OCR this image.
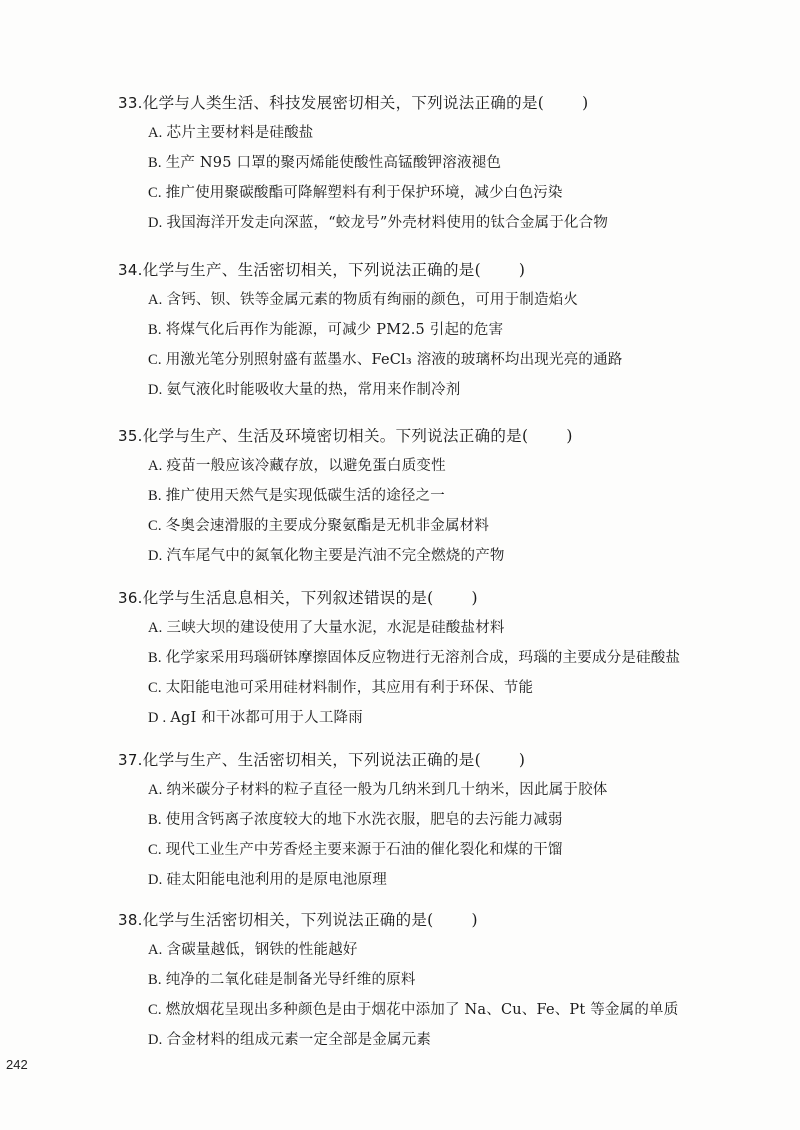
33.化学与人类生活、科技发展密切相关，下列说法正确的是( )
A. 芯片主要材料是硅酸盐
B. 生产 N95 口罩的聚丙烯能使酸性高锰酸钾溶液褪色
C. 推广使用聚碳酸酯可降解塑料有利于保护环境，减少白色污染
D. 我国海洋开发走向深蓝，“蛟龙号”外壳材料使用的钛合金属于化合物
34.化学与生产、生活密切相关，下列说法正确的是( )
A. 含钙、钡、铁等金属元素的物质有绚丽的颜色，可用于制造焰火
B. 将煤气化后再作为能源，可减少 PM2.5 引起的危害
C. 用激光笔分别照射盛有蓝墨水、FeCl₃ 溶液的玻璃杯均出现光亮的通路
D. 氨气液化时能吸收大量的热，常用来作制冷剂
35.化学与生产、生活及环境密切相关。下列说法正确的是( )
A. 疫苗一般应该冷藏存放，以避免蛋白质变性
B. 推广使用天然气是实现低碳生活的途径之一
C. 冬奥会速滑服的主要成分聚氨酯是无机非金属材料
D. 汽车尾气中的氮氧化物主要是汽油不完全燃烧的产物
36.化学与生活息息相关，下列叙述错误的是( )
A. 三峡大坝的建设使用了大量水泥，水泥是硅酸盐材料
B. 化学家采用玛瑙研钵摩擦固体反应物进行无溶剂合成，玛瑙的主要成分是硅酸盐
C. 太阳能电池可采用硅材料制作，其应用有利于环保、节能
D . AgI 和干冰都可用于人工降雨
37.化学与生产、生活密切相关，下列说法正确的是( )
A. 纳米碳分子材料的粒子直径一般为几纳米到几十纳米，因此属于胶体
B. 使用含钙离子浓度较大的地下水洗衣服，肥皂的去污能力减弱
C. 现代工业生产中芳香烃主要来源于石油的催化裂化和煤的干馏
D. 硅太阳能电池利用的是原电池原理
38.化学与生活密切相关，下列说法正确的是( )
A. 含碳量越低，钢铁的性能越好
B. 纯净的二氧化硅是制备光导纤维的原料
C. 燃放烟花呈现出多种颜色是由于烟花中添加了 Na、Cu、Fe、Pt 等金属的单质
D. 合金材料的组成元素一定全部是金属元素
242
